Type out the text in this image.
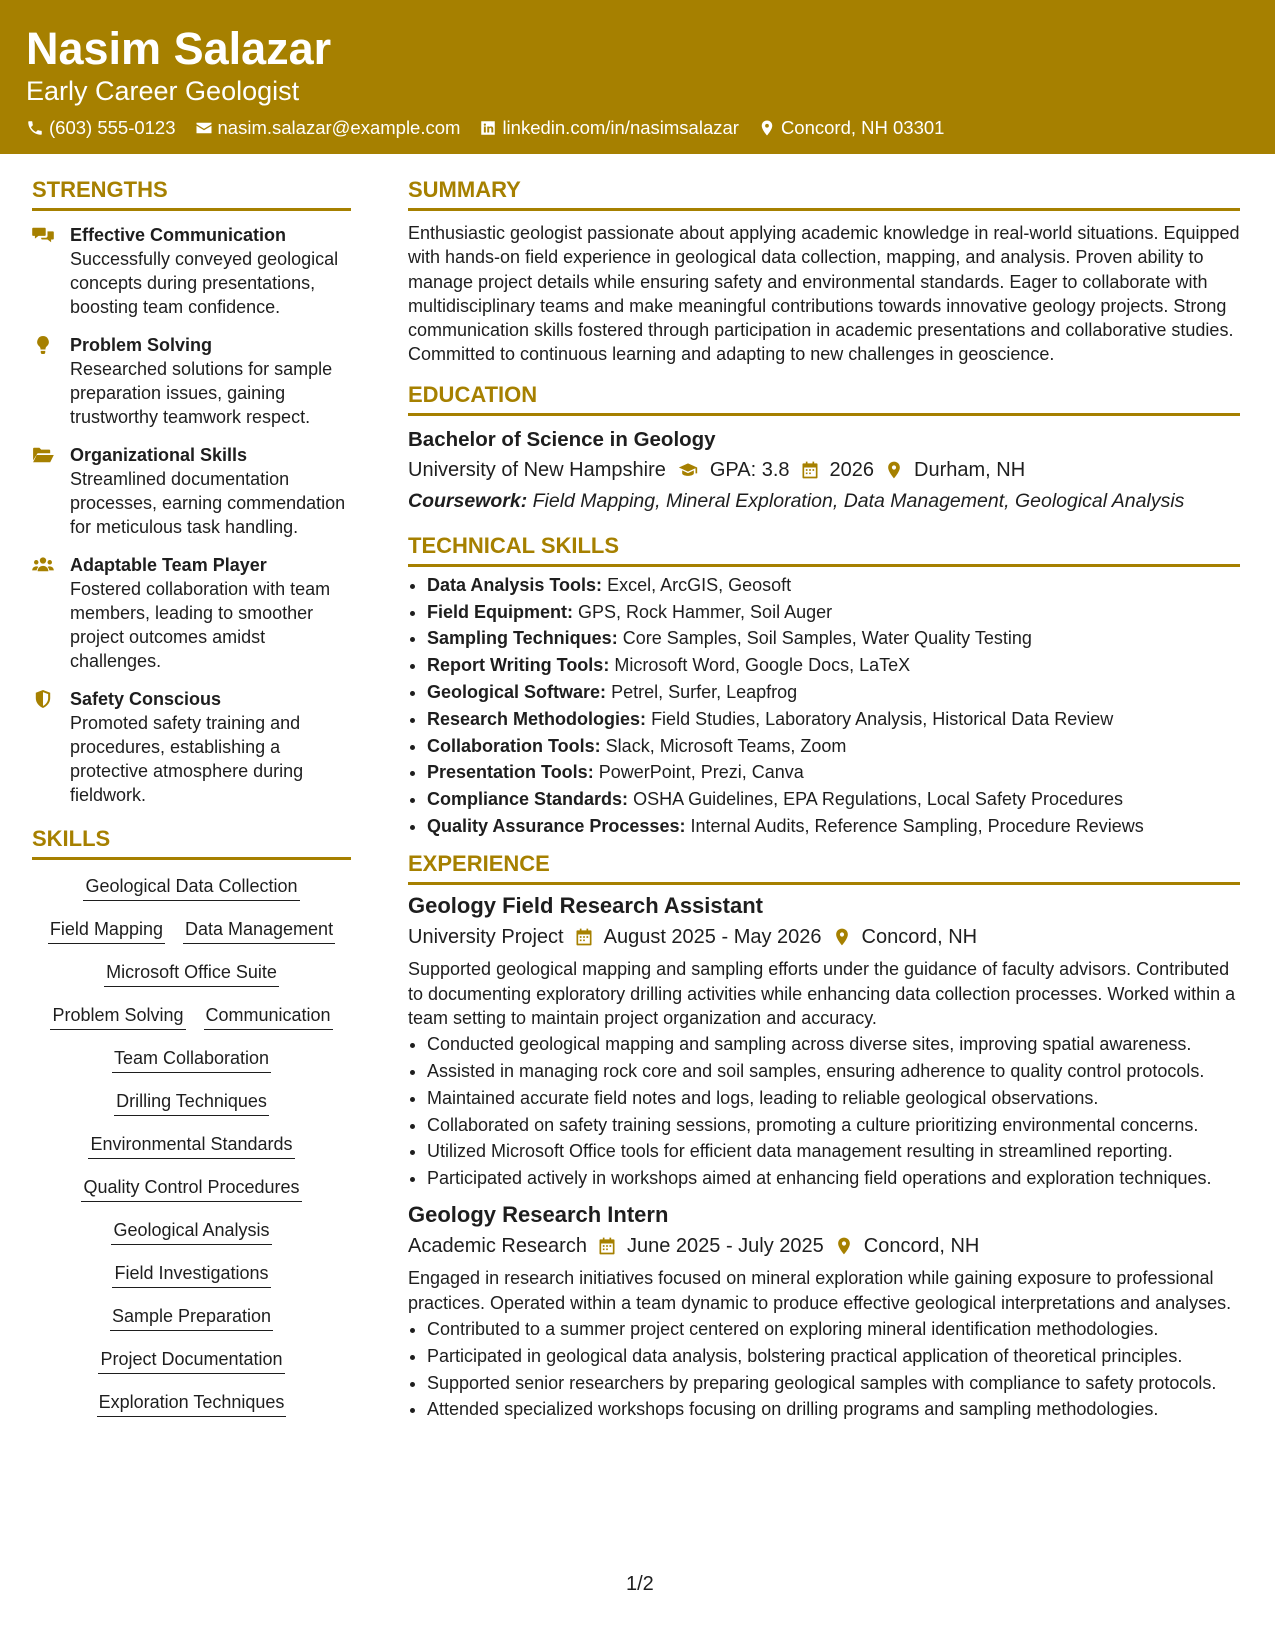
Nasim Salazar
Early Career Geologist
(603) 555-0123 nasim.salazar@example.com linkedin.com/in/nasimsalazar Concord, NH 03301
STRENGTHS
Effective Communication
Successfully conveyed geological concepts during presentations, boosting team confidence.
Problem Solving
Researched solutions for sample preparation issues, gaining trustworthy teamwork respect.
Organizational Skills
Streamlined documentation processes, earning commendation for meticulous task handling.
Adaptable Team Player
Fostered collaboration with team members, leading to smoother project outcomes amidst challenges.
Safety Conscious
Promoted safety training and procedures, establishing a protective atmosphere during fieldwork.
SKILLS
Geological Data Collection
Field Mapping Data Management
Microsoft Office Suite
Problem Solving Communication
Team Collaboration
Drilling Techniques
Environmental Standards
Quality Control Procedures
Geological Analysis
Field Investigations
Sample Preparation
Project Documentation
Exploration Techniques
SUMMARY

Enthusiastic geologist passionate about applying academic knowledge in real-world situations. Equipped with hands-on field experience in geological data collection, mapping, and analysis. Proven ability to manage project details while ensuring safety and environmental standards. Eager to collaborate with multidisciplinary teams and make meaningful contributions towards innovative geology projects. Strong communication skills fostered through participation in academic presentations and collaborative studies. Committed to continuous learning and adapting to new challenges in geoscience.

EDUCATION
Bachelor of Science in Geology
University of New Hampshire GPA: 3.8 2026 Durham, NH
Coursework: Field Mapping, Mineral Exploration, Data Management, Geological Analysis
TECHNICAL SKILLS
• Data Analysis Tools: Excel, ArcGIS, Geosoft
• Field Equipment: GPS, Rock Hammer, Soil Auger
• Sampling Techniques: Core Samples, Soil Samples, Water Quality Testing
• Report Writing Tools: Microsoft Word, Google Docs, LaTeX
• Geological Software: Petrel, Surfer, Leapfrog
• Research Methodologies: Field Studies, Laboratory Analysis, Historical Data Review
• Collaboration Tools: Slack, Microsoft Teams, Zoom
• Presentation Tools: PowerPoint, Prezi, Canva
• Compliance Standards: OSHA Guidelines, EPA Regulations, Local Safety Procedures
• Quality Assurance Processes: Internal Audits, Reference Sampling, Procedure Reviews
EXPERIENCE
Geology Field Research Assistant
University Project August 2025 - May 2026 Concord, NH

Supported geological mapping and sampling efforts under the guidance of faculty advisors. Contributed to documenting exploratory drilling activities while enhancing data collection processes. Worked within a team setting to maintain project organization and accuracy.

• Conducted geological mapping and sampling across diverse sites, improving spatial awareness.
• Assisted in managing rock core and soil samples, ensuring adherence to quality control protocols.
• Maintained accurate field notes and logs, leading to reliable geological observations.
• Collaborated on safety training sessions, promoting a culture prioritizing environmental concerns.
• Utilized Microsoft Office tools for efficient data management resulting in streamlined reporting.
• Participated actively in workshops aimed at enhancing field operations and exploration techniques.
Geology Research Intern
Academic Research June 2025 - July 2025 Concord, NH

Engaged in research initiatives focused on mineral exploration while gaining exposure to professional practices. Operated within a team dynamic to produce effective geological interpretations and analyses.

• Contributed to a summer project centered on exploring mineral identification methodologies.
• Participated in geological data analysis, bolstering practical application of theoretical principles.
• Supported senior researchers by preparing geological samples with compliance to safety protocols.
• Attended specialized workshops focusing on drilling programs and sampling methodologies.
1/2
